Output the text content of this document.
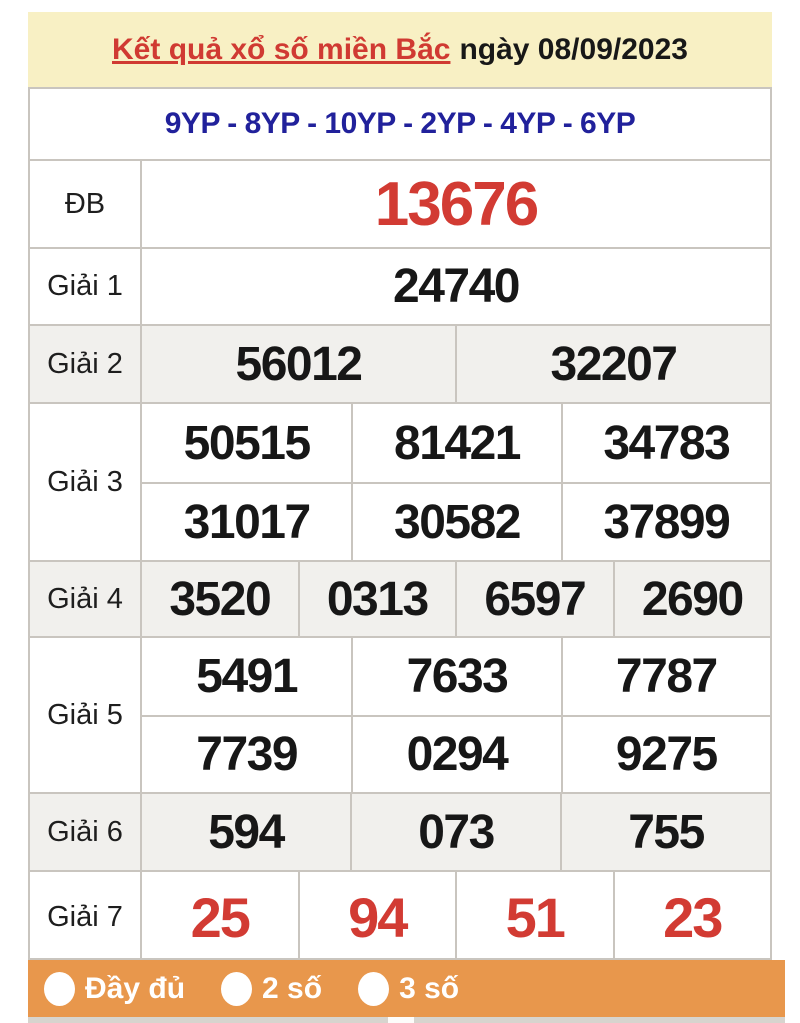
Kết quả xổ số miền Bắc ngày 08/09/2023
9YP - 8YP - 10YP - 2YP - 4YP - 6YP
ĐB	13676
Giải 1	24740
Giải 2	56012	32207
Giải 3
50515 81421 34783
31017 30582 37899
Giải 4 3520 0313 6597 2690
Giải 5
5491 7633 7787
7739 0294 9275
Giải 6	594	073	755
Giải 7	25 94 51 23
Đầy đủ	2 số	3 số
